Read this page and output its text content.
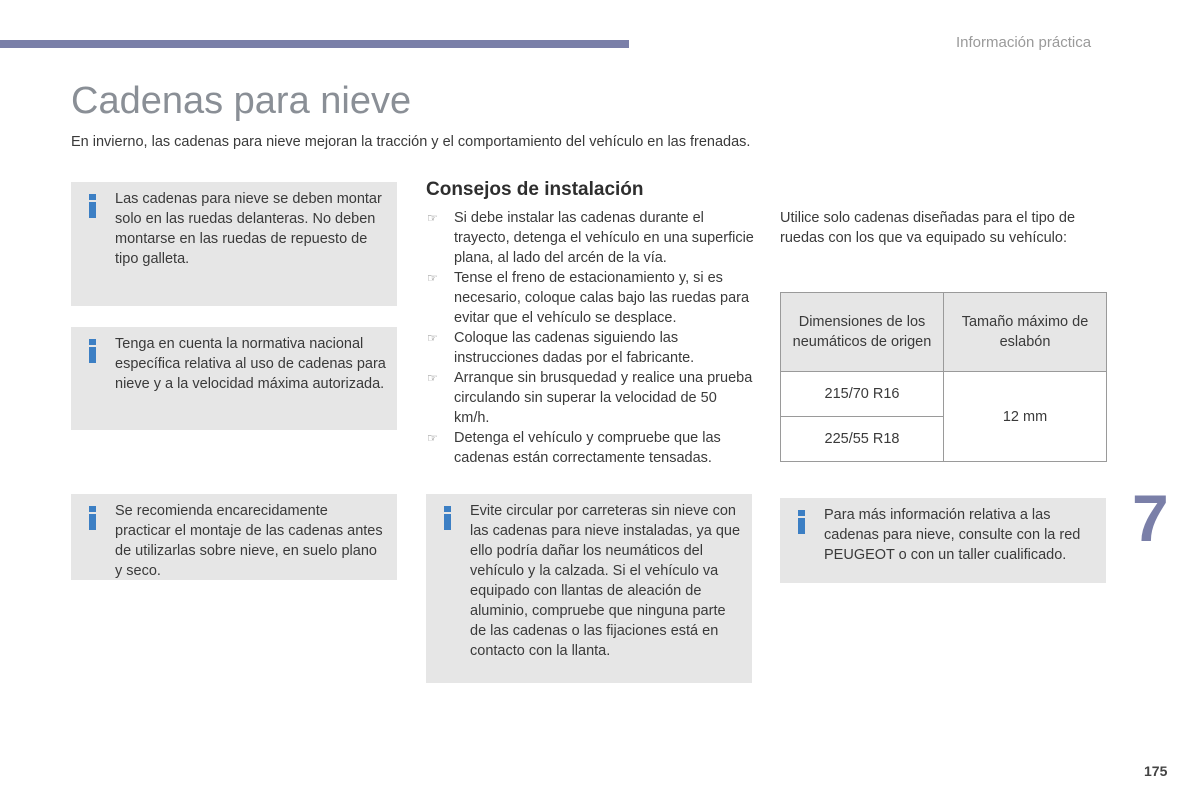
Información práctica
Cadenas para nieve

En invierno, las cadenas para nieve mejoran la tracción y el comportamiento del vehículo en las frenadas.

Las cadenas para nieve se deben montar solo en las ruedas delanteras. No deben montarse en las ruedas de repuesto de tipo galleta.

Tenga en cuenta la normativa nacional específica relativa al uso de cadenas para nieve y a la velocidad máxima autorizada.

Se recomienda encarecidamente practicar el montaje de las cadenas antes de utilizarlas sobre nieve, en suelo plano y seco.

Consejos de instalación
☞ Si debe instalar las cadenas durante el trayecto, detenga el vehículo en una superficie plana, al lado del arcén de la vía.
☞ Tense el freno de estacionamiento y, si es necesario, coloque calas bajo las ruedas para evitar que el vehículo se desplace.
☞ Coloque las cadenas siguiendo las instrucciones dadas por el fabricante.
☞ Arranque sin brusquedad y realice una prueba circulando sin superar la velocidad de 50 km/h.
☞ Detenga el vehículo y compruebe que las cadenas están correctamente tensadas.

Evite circular por carreteras sin nieve con las cadenas para nieve instaladas, ya que ello podría dañar los neumáticos del vehículo y la calzada. Si el vehículo va equipado con llantas de aleación de aluminio, compruebe que ninguna parte de las cadenas o las fijaciones está en contacto con la llanta.

Utilice solo cadenas diseñadas para el tipo de ruedas con los que va equipado su vehículo:

Dimensiones de los neumáticos de origen	Tamaño máximo de eslabón
215/70 R16	12 mm
225/55 R18	

Para más información relativa a las cadenas para nieve, consulte con la red PEUGEOT o con un taller cualificado. 7
175
